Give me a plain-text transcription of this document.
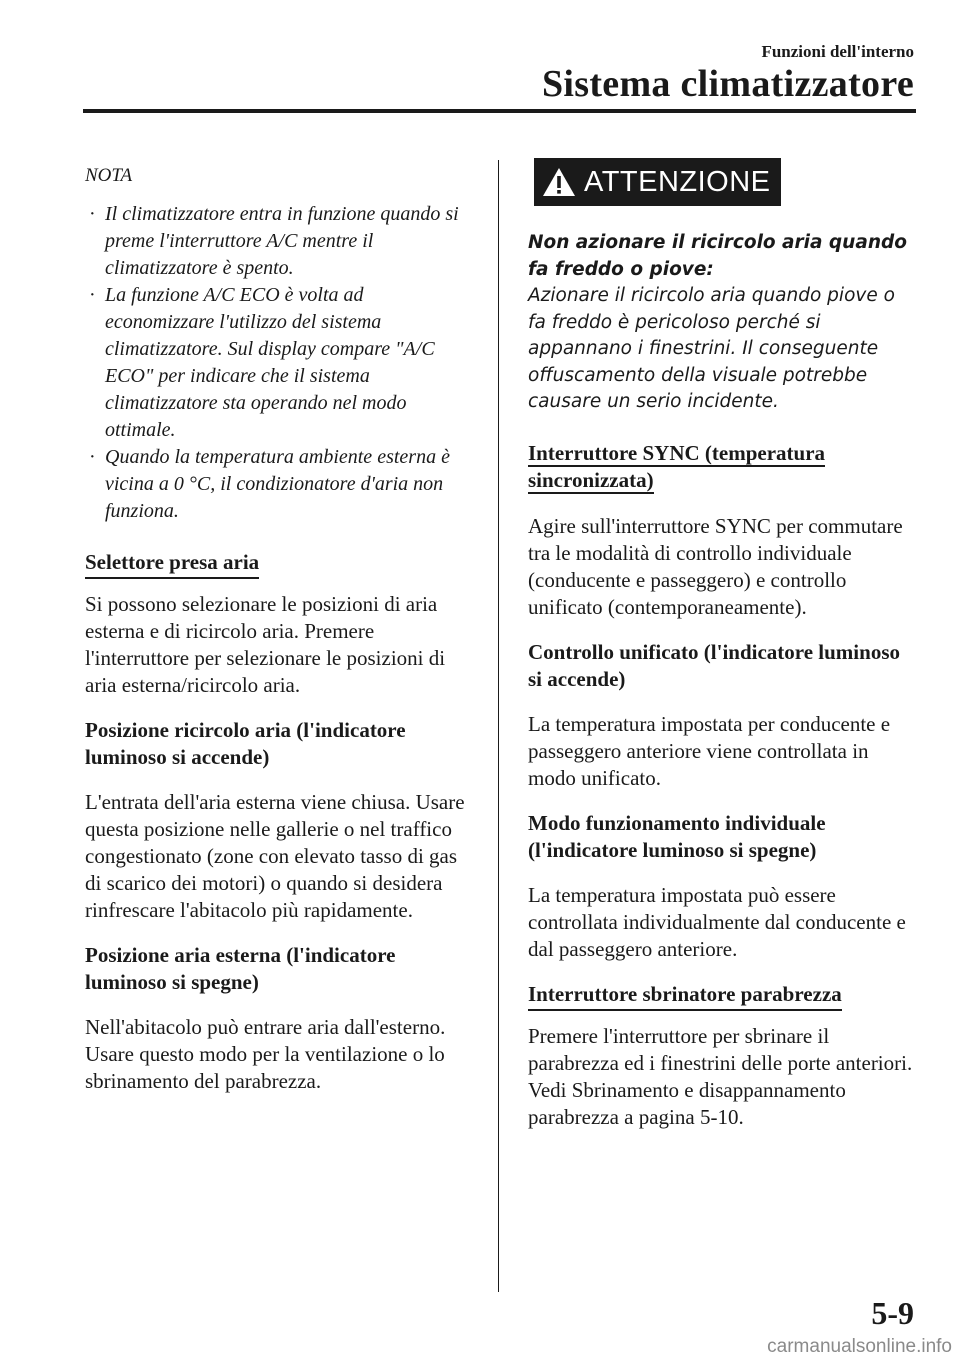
Funzioni dell'interno
Sistema climatizzatore

NOTA

· Il climatizzatore entra in funzione quando si preme l'interruttore A/C mentre il climatizzatore è spento.
· La funzione A/C ECO è volta ad economizzare l'utilizzo del sistema climatizzatore. Sul display compare "A/C ECO" per indicare che il sistema climatizzatore sta operando nel modo ottimale.
· Quando la temperatura ambiente esterna è vicina a 0 °C, il condizionatore d'aria non funziona.
Selettore presa aria

Si possono selezionare le posizioni di aria esterna e di ricircolo aria. Premere l'interruttore per selezionare le posizioni di aria esterna/ricircolo aria.

Posizione ricircolo aria (l'indicatore luminoso si accende)

L'entrata dell'aria esterna viene chiusa. Usare questa posizione nelle gallerie o nel traffico congestionato (zone con elevato tasso di gas di scarico dei motori) o quando si desidera rinfrescare l'abitacolo più rapidamente.

Posizione aria esterna (l'indicatore luminoso si spegne)

Nell'abitacolo può entrare aria dall'esterno. Usare questo modo per la ventilazione o lo sbrinamento del parabrezza.

ATTENZIONE

Non azionare il ricircolo aria quando fa freddo o piove:

Azionare il ricircolo aria quando piove o fa freddo è pericoloso perché si appannano i finestrini. Il conseguente offuscamento della visuale potrebbe causare un serio incidente.

Interruttore SYNC (temperatura
sincronizzata)

Agire sull'interruttore SYNC per commutare tra le modalità di controllo individuale (conducente e passeggero) e controllo unificato (contemporaneamente).

Controllo unificato (l'indicatore luminoso si accende)

La temperatura impostata per conducente e passeggero anteriore viene controllata in modo unificato.

Modo funzionamento individuale (l'indicatore luminoso si spegne)

La temperatura impostata può essere controllata individualmente dal conducente e dal passeggero anteriore.

Interruttore sbrinatore parabrezza

Premere l'interruttore per sbrinare il parabrezza ed i finestrini delle porte anteriori.

Vedi Sbrinamento e disappannamento parabrezza a pagina 5-10.

5-9
carmanualsonline.info
